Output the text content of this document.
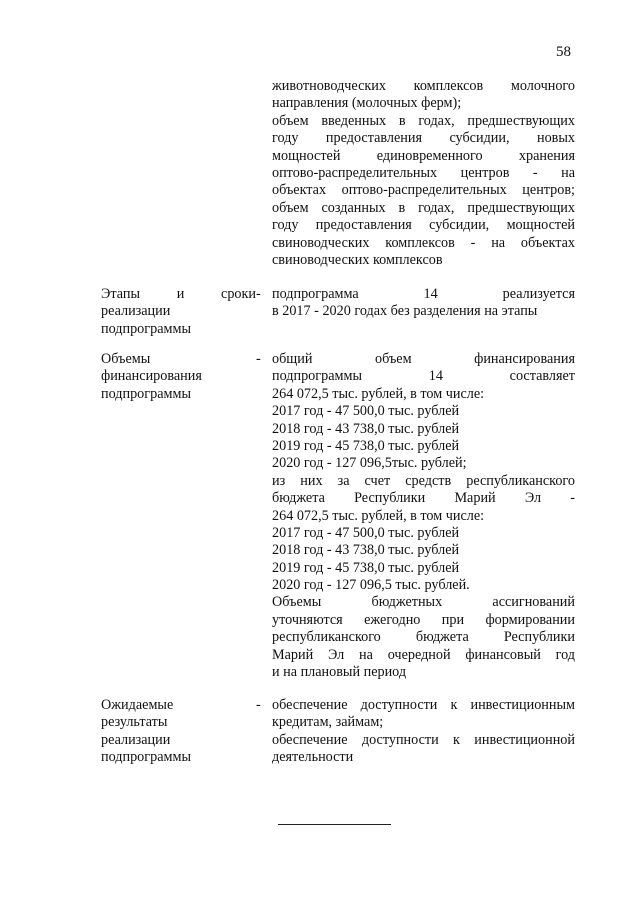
58
животноводческих комплексов молочного
направления (молочных ферм);
объем введенных в годах, предшествующих
году предоставления субсидии, новых
мощностей единовременного хранения
оптово-распределительных центров - на
объектах оптово-распределительных центров;
объем созданных в годах, предшествующих
году предоставления субсидии, мощностей
свиноводческих комплексов - на объектах
свиноводческих комплексов
Этапы и сроки
реализации
подпрограммы
- подпрограмма 14 реализуется
в 2017 - 2020 годах без разделения на этапы
Объемы
финансирования
подпрограммы
- общий объем финансирования
подпрограммы 14 составляет
264 072,5 тыс. рублей, в том числе:
2017 год - 47 500,0 тыс. рублей
2018 год - 43 738,0 тыс. рублей
2019 год - 45 738,0 тыс. рублей
2020 год - 127 096,5тыс. рублей;
из них за счет средств республиканского
бюджета Республики Марий Эл -
264 072,5 тыс. рублей, в том числе:
2017 год - 47 500,0 тыс. рублей
2018 год - 43 738,0 тыс. рублей
2019 год - 45 738,0 тыс. рублей
2020 год - 127 096,5 тыс. рублей.
Объемы бюджетных ассигнований
уточняются ежегодно при формировании
республиканского бюджета Республики
Марий Эл на очередной финансовый год
и на плановый период
Ожидаемые
результаты
реализации
подпрограммы
- обеспечение доступности к инвестиционным
кредитам, займам;
обеспечение доступности к инвестиционной
деятельности
